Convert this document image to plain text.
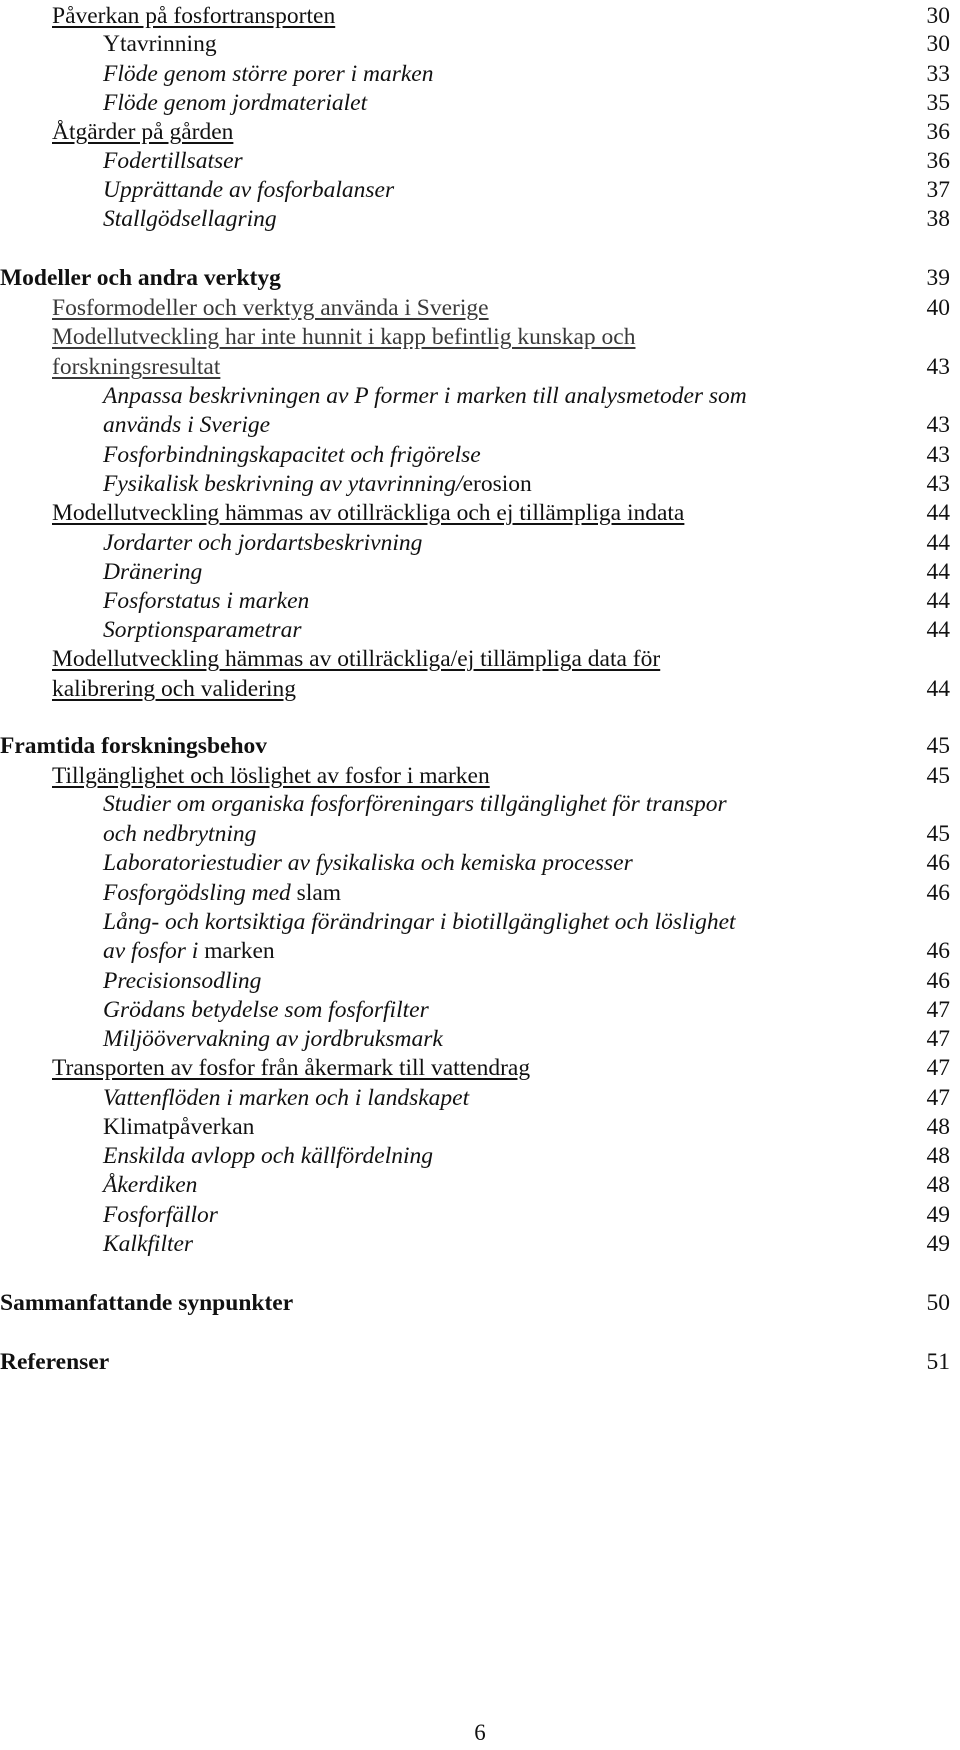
Påverkan på fosfortransporten	30
Ytavrinning	30
Flöde genom större porer i marken	33
Flöde genom jordmaterialet	35
Åtgärder på gården	36
Fodertillsatser	36
Upprättande av fosforbalanser	37
Stallgödsellagring	38
Modeller och andra verktyg	39
Fosformodeller och verktyg använda i Sverige	40
Modellutveckling har inte hunnit i kapp befintlig kunskap och
forskningsresultat	43
Anpassa beskrivningen av P former i marken till analysmetoder som
används i Sverige	43
Fosforbindningskapacitet och frigörelse	43
Fysikalisk beskrivning av ytavrinning/erosion	43
Modellutveckling hämmas av otillräckliga och ej tillämpliga indata	44
Jordarter och jordartsbeskrivning	44
Dränering	44
Fosforstatus i marken	44
Sorptionsparametrar	44
Modellutveckling hämmas av otillräckliga/ej tillämpliga data för
kalibrering och validering	44
Framtida forskningsbehov	45
Tillgänglighet och löslighet av fosfor i marken	45
Studier om organiska fosforföreningars tillgänglighet för transpor
och nedbrytning	45
Laboratoriestudier av fysikaliska och kemiska processer	46
Fosforgödsling med slam	46
Lång- och kortsiktiga förändringar i biotillgänglighet och löslighet
av fosfor i marken	46
Precisionsodling	46
Grödans betydelse som fosforfilter	47
Miljöövervakning av jordbruksmark	47
Transporten av fosfor från åkermark till vattendrag	47
Vattenflöden i marken och i landskapet	47
Klimatpåverkan	48
Enskilda avlopp och källfördelning	48
Åkerdiken	48
Fosforfällor	49
Kalkfilter	49
Sammanfattande synpunkter	50
Referenser	51
6
